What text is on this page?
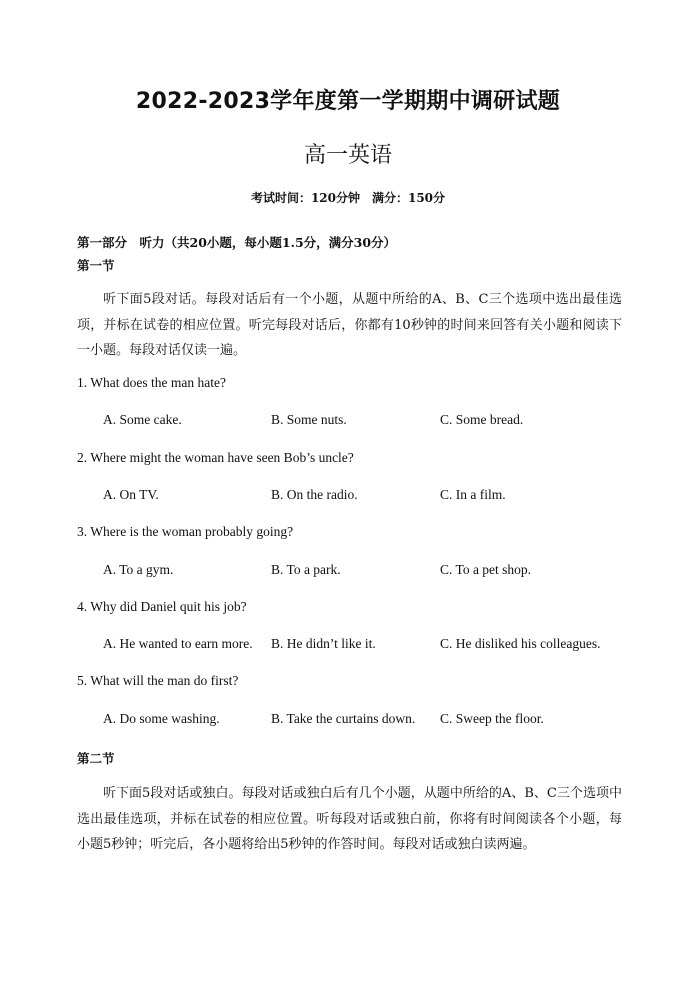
2022-2023学年度第一学期期中调研试题
高一英语
考试时间：120分钟　满分：150分
第一部分　听力（共20小题，每小题1.5分，满分30分）
第一节
听下面5段对话。每段对话后有一个小题，从题中所给的A、B、C三个选项中选出最佳选项，并标在试卷的相应位置。听完每段对话后，你都有10秒钟的时间来回答有关小题和阅读下一小题。每段对话仅读一遍。
1. What does the man hate?
A. Some cake.	B. Some nuts.	C. Some bread.
2. Where might the woman have seen Bob’s uncle?
A. On TV.	B. On the radio.	C. In a film.
3. Where is the woman probably going?
A. To a gym.	B. To a park.	C. To a pet shop.
4. Why did Daniel quit his job?
A. He wanted to earn more. B. He didn’t like it.	C. He disliked his colleagues.
5. What will the man do first?
A. Do some washing.	B. Take the curtains down. C. Sweep the floor.
第二节
听下面5段对话或独白。每段对话或独白后有几个小题，从题中所给的A、B、C三个选项中选出最佳选项，并标在试卷的相应位置。听每段对话或独白前，你将有时间阅读各个小题，每小题5秒钟；听完后，各小题将给出5秒钟的作答时间。每段对话或独白读两遍。
